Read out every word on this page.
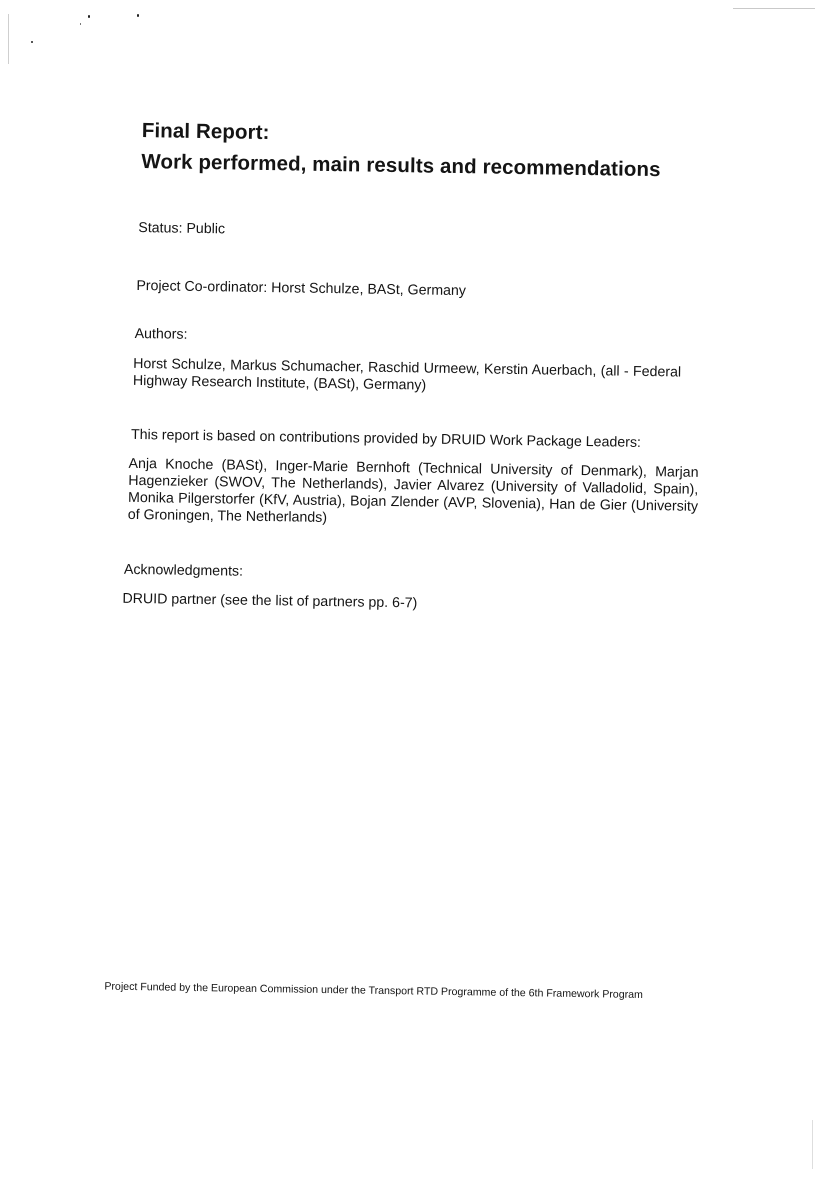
Final Report:
Work performed, main results and recommendations
Status: Public
Project Co-ordinator: Horst Schulze, BASt, Germany
Authors:
Horst Schulze, Markus Schumacher, Raschid Urmeew, Kerstin Auerbach, (all - Federal Highway Research Institute, (BASt), Germany)
This report is based on contributions provided by DRUID Work Package Leaders:
Anja Knoche (BASt), Inger-Marie Bernhoft (Technical University of Denmark), Marjan Hagenzieker (SWOV, The Netherlands), Javier Alvarez (University of Valladolid, Spain), Monika Pilgerstorfer (KfV, Austria), Bojan Zlender (AVP, Slovenia), Han de Gier (University of Groningen, The Netherlands)
Acknowledgments:
DRUID partner (see the list of partners pp. 6-7)
Project Funded by the European Commission under the Transport RTD Programme of the 6th Framework Program
